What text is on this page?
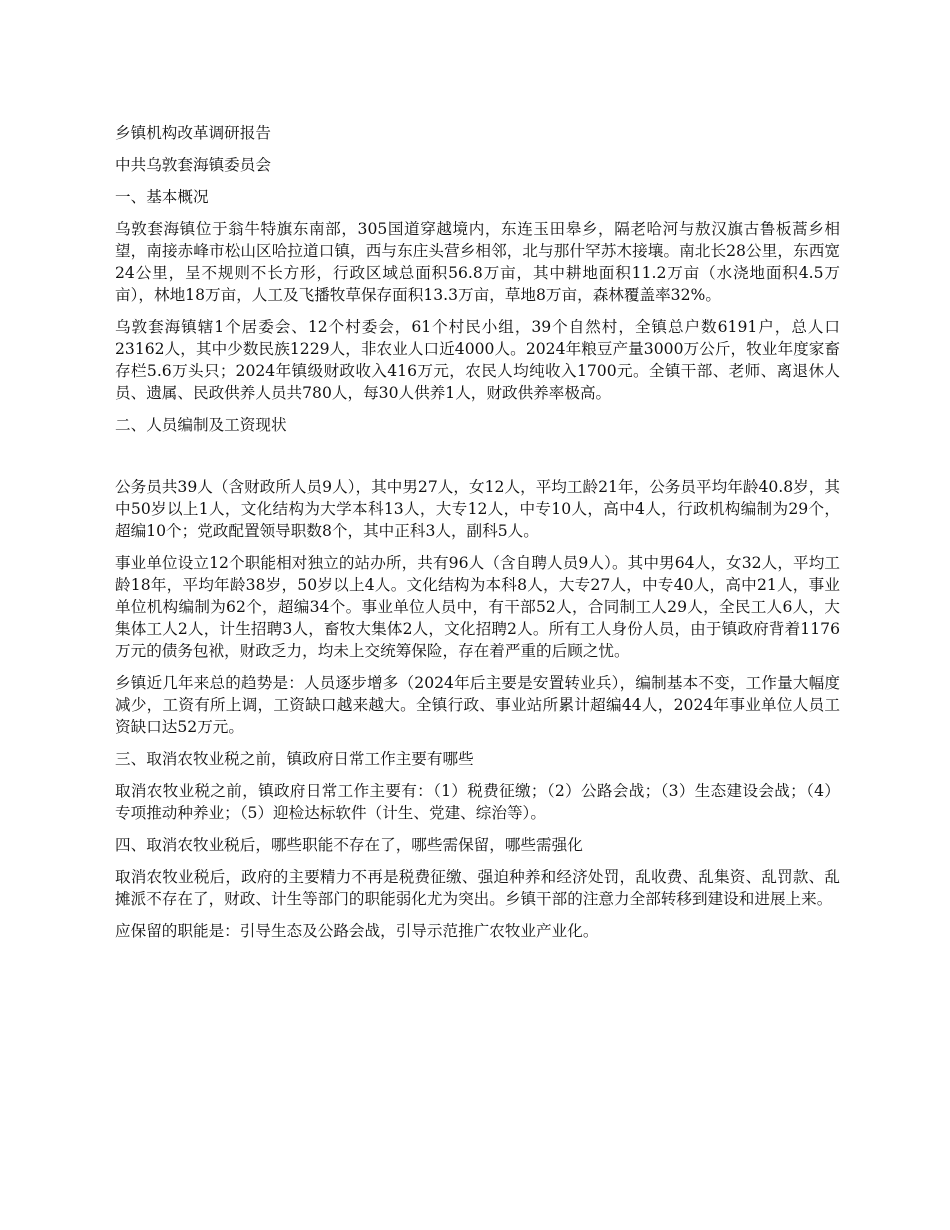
乡镇机构改革调研报告

中共乌敦套海镇委员会

一、基本概况

乌敦套海镇位于翁牛特旗东南部，305国道穿越境内，东连玉田皋乡，隔老哈河与敖汉旗古鲁板蒿乡相望，南接赤峰市松山区哈拉道口镇，西与东庄头营乡相邻，北与那什罕苏木接壤。南北长28公里，东西宽24公里，呈不规则不长方形，行政区域总面积56.8万亩，其中耕地面积11.2万亩（水浇地面积4.5万亩），林地18万亩，人工及飞播牧草保存面积13.3万亩，草地8万亩，森林覆盖率32%。

乌敦套海镇辖1个居委会、12个村委会，61个村民小组，39个自然村，全镇总户数6191户，总人口23162人，其中少数民族1229人，非农业人口近4000人。2024年粮豆产量3000万公斤，牧业年度家畜存栏5.6万头只；2024年镇级财政收入416万元，农民人均纯收入1700元。全镇干部、老师、离退休人员、遗属、民政供养人员共780人，每30人供养1人，财政供养率极高。

二、人员编制及工资现状

公务员共39人（含财政所人员9人），其中男27人，女12人，平均工龄21年，公务员平均年龄40.8岁，其中50岁以上1人，文化结构为大学本科13人，大专12人，中专10人，高中4人，行政机构编制为29个，超编10个；党政配置领导职数8个，其中正科3人，副科5人。

事业单位设立12个职能相对独立的站办所，共有96人（含自聘人员9人）。其中男64人，女32人，平均工龄18年，平均年龄38岁，50岁以上4人。文化结构为本科8人，大专27人，中专40人，高中21人，事业单位机构编制为62个，超编34个。事业单位人员中，有干部52人，合同制工人29人，全民工人6人，大集体工人2人，计生招聘3人，畜牧大集体2人，文化招聘2人。所有工人身份人员，由于镇政府背着1176万元的债务包袱，财政乏力，均未上交统筹保险，存在着严重的后顾之忧。

乡镇近几年来总的趋势是：人员逐步增多（2024年后主要是安置转业兵），编制基本不变，工作量大幅度减少，工资有所上调，工资缺口越来越大。全镇行政、事业站所累计超编44人，2024年事业单位人员工资缺口达52万元。

三、取消农牧业税之前，镇政府日常工作主要有哪些

取消农牧业税之前，镇政府日常工作主要有：（1）税费征缴；（2）公路会战；（3）生态建设会战；（4）专项推动种养业；（5）迎检达标软件（计生、党建、综治等）。

四、取消农牧业税后，哪些职能不存在了，哪些需保留，哪些需强化

取消农牧业税后，政府的主要精力不再是税费征缴、强迫种养和经济处罚，乱收费、乱集资、乱罚款、乱摊派不存在了，财政、计生等部门的职能弱化尤为突出。乡镇干部的注意力全部转移到建设和进展上来。

应保留的职能是：引导生态及公路会战，引导示范推广农牧业产业化。
